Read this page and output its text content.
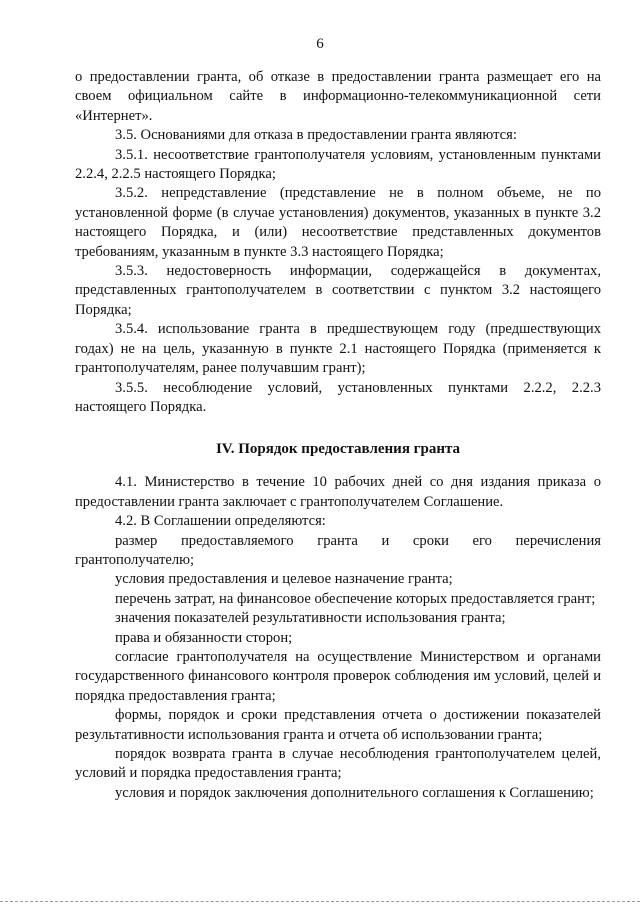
6

о предоставлении гранта, об отказе в предоставлении гранта размещает его на своем официальном сайте в информационно-телекоммуникационной сети «Интернет».

3.5. Основаниями для отказа в предоставлении гранта являются:

3.5.1. несоответствие грантополучателя условиям, установленным пунктами 2.2.4, 2.2.5 настоящего Порядка;

3.5.2. непредставление (представление не в полном объеме, не по установленной форме (в случае установления) документов, указанных в пункте 3.2 настоящего Порядка, и (или) несоответствие представленных документов требованиям, указанным в пункте 3.3 настоящего Порядка;

3.5.3. недостоверность информации, содержащейся в документах, представленных грантополучателем в соответствии с пунктом 3.2 настоящего Порядка;

3.5.4. использование гранта в предшествующем году (предшествующих годах) не на цель, указанную в пункте 2.1 настоящего Порядка (применяется к грантополучателям, ранее получавшим грант);

3.5.5. несоблюдение условий, установленных пунктами 2.2.2, 2.2.3 настоящего Порядка.

IV. Порядок предоставления гранта

4.1. Министерство в течение 10 рабочих дней со дня издания приказа о предоставлении гранта заключает с грантополучателем Соглашение.

4.2. В Соглашении определяются:

размер предоставляемого гранта и сроки его перечисления грантополучателю;

условия предоставления и целевое назначение гранта;

перечень затрат, на финансовое обеспечение которых предоставляется грант;

значения показателей результативности использования гранта;

права и обязанности сторон;

согласие грантополучателя на осуществление Министерством и органами государственного финансового контроля проверок соблюдения им условий, целей и порядка предоставления гранта;

формы, порядок и сроки представления отчета о достижении показателей результативности использования гранта и отчета об использовании гранта;

порядок возврата гранта в случае несоблюдения грантополучателем целей, условий и порядка предоставления гранта;

условия и порядок заключения дополнительного соглашения к Соглашению;
